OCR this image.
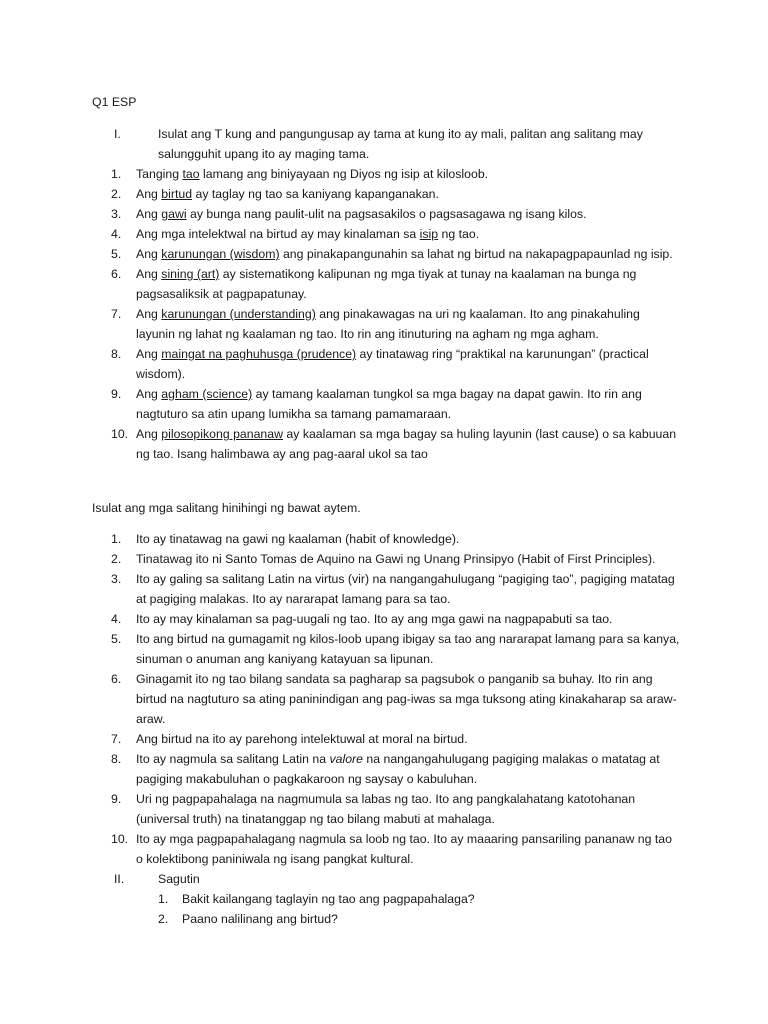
Q1 ESP
I.	Isulat ang T kung and pangungusap ay tama at kung ito ay mali, palitan ang salitang may salungguhit upang ito ay maging tama.
1.	Tanging tao lamang ang biniyayaan ng Diyos ng isip at kilosloob.
2.	Ang birtud ay taglay ng tao sa kaniyang kapanganakan.
3.	Ang gawi ay bunga nang paulit-ulit na pagsasakilos o pagsasagawa ng isang kilos.
4.	Ang mga intelektwal na birtud ay may kinalaman sa isip ng tao.
5.	Ang karunungan (wisdom) ang pinakapangunahin sa lahat ng birtud na nakapagpapaunlad ng isip.
6.	Ang sining (art) ay sistematikong kalipunan ng mga tiyak at tunay na kaalaman na bunga ng pagsasaliksik at pagpapatunay.
7.	Ang karunungan (understanding) ang pinakawagas na uri ng kaalaman. Ito ang pinakahuling layunin ng lahat ng kaalaman ng tao. Ito rin ang itinuturing na agham ng mga agham.
8.	Ang maingat na paghuhusga (prudence) ay tinatawag ring “praktikal na karunungan” (practical wisdom).
9.	Ang agham (science) ay tamang kaalaman tungkol sa mga bagay na dapat gawin. Ito rin ang nagtuturo sa atin upang lumikha sa tamang pamamaraan.
10. Ang pilosopikong pananaw ay kaalaman sa mga bagay sa huling layunin (last cause) o sa kabuuan ng tao. Isang halimbawa ay ang pag-aaral ukol sa tao
Isulat ang mga salitang hinihingi ng bawat aytem.
1.	Ito ay tinatawag na gawi ng kaalaman (habit of knowledge).
2.	Tinatawag ito ni Santo Tomas de Aquino na Gawi ng Unang Prinsipyo (Habit of First Principles).
3.	Ito ay galing sa salitang Latin na virtus (vir) na nangangahulugang “pagiging tao”, pagiging matatag at pagiging malakas. Ito ay nararapat lamang para sa tao.
4.	Ito ay may kinalaman sa pag-uugali ng tao. Ito ay ang mga gawi na nagpapabuti sa tao.
5.	Ito ang birtud na gumagamit ng kilos-loob upang ibigay sa tao ang nararapat lamang para sa kanya, sinuman o anuman ang kaniyang katayuan sa lipunan.
6.	Ginagamit ito ng tao bilang sandata sa pagharap sa pagsubok o panganib sa buhay. Ito rin ang birtud na nagtuturo sa ating paninindigan ang pag-iwas sa mga tuksong ating kinakaharap sa araw-araw.
7.	Ang birtud na ito ay parehong intelektuwal at moral na birtud.
8.	Ito ay nagmula sa salitang Latin na valore na nangangahulugang pagiging malakas o matatag at pagiging makabuluhan o pagkakaroon ng saysay o kabuluhan.
9.	Uri ng pagpapahalaga na nagmumula sa labas ng tao. Ito ang pangkalahatang katotohanan (universal truth) na tinatanggap ng tao bilang mabuti at mahalaga.
10. Ito ay mga pagpapahalagang nagmula sa loob ng tao. Ito ay maaaring pansariling pananaw ng tao o kolektibong paniniwala ng isang pangkat kultural.
II.	Sagutin
1.	Bakit kailangang taglayin ng tao ang pagpapahalaga?
2.	Paano nalilinang ang birtud?
